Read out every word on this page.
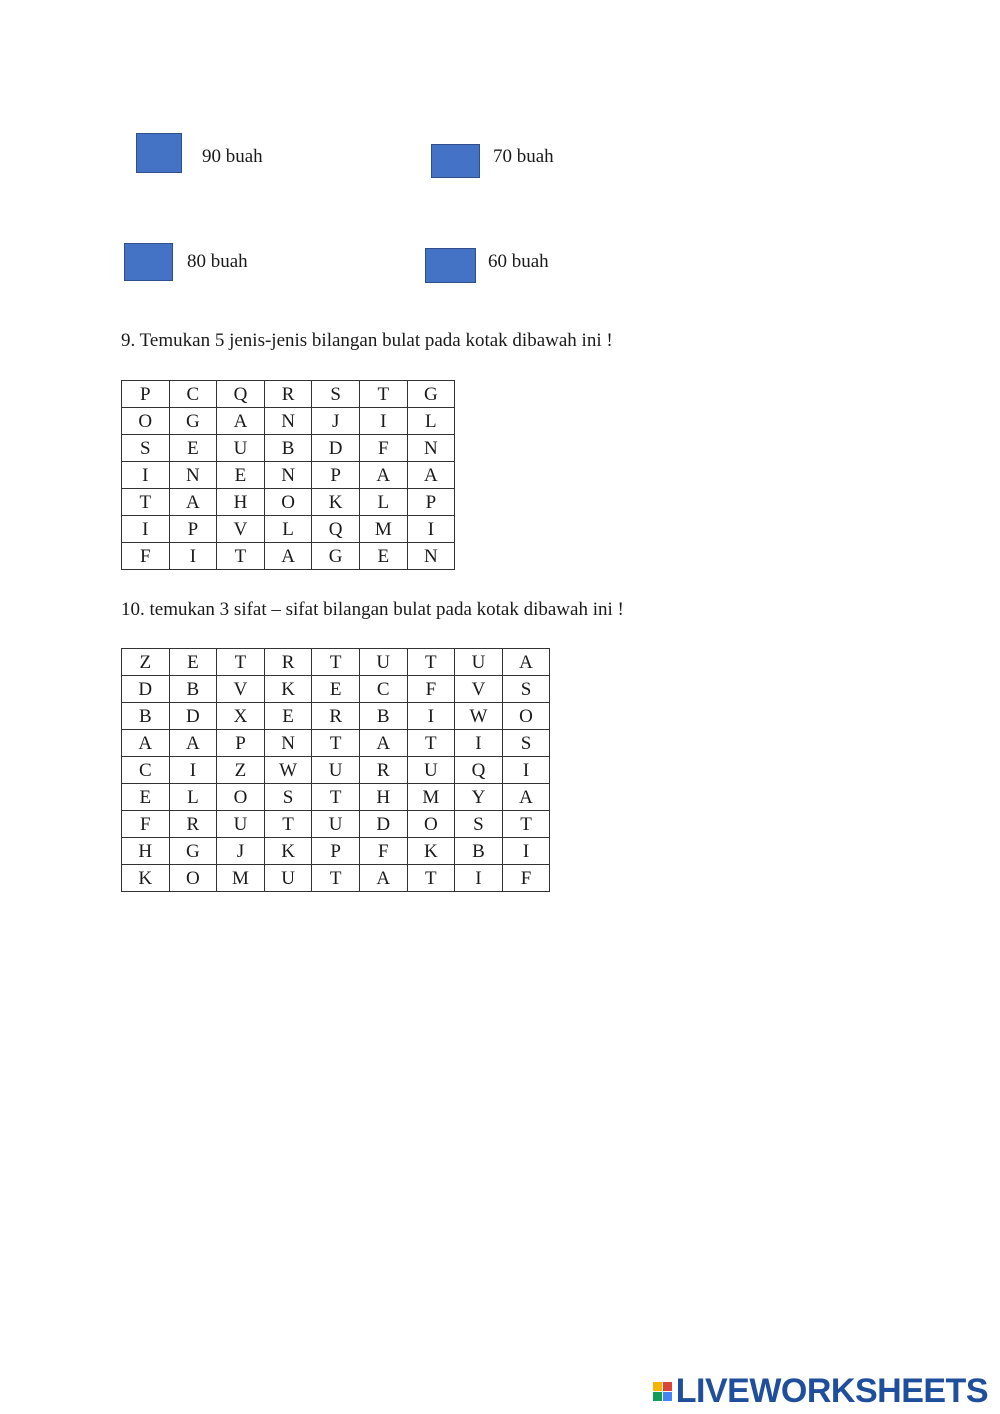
90 buah	70 buah
80 buah	60 buah
9. Temukan 5 jenis-jenis bilangan bulat pada kotak dibawah ini !
P	C	Q	R	S	T	G
O	G	A	N	J	I	L
S	E	U	B	D	F	N
I	N	E	N	P	A	A
T	A	H	O	K	L	P
I	P	V	L	Q	M	I
F	I	T	A	G	E	N
10. temukan 3 sifat – sifat bilangan bulat pada kotak dibawah ini !
Z	E	T	R	T	U	T	U	A
D	B	V	K	E	C	F	V	S
B	D	X	E	R	B	I	W	O
A	A	P	N	T	A	T	I	S
C	I	Z	W	U	R	U	Q	I
E	L	O	S	T	H	M	Y	A
F	R	U	T	U	D	O	S	T
H	G	J	K	P	F	K	B	I
K	O	M	U	T	A	T	I	F
LIVEWORKSHEETS
